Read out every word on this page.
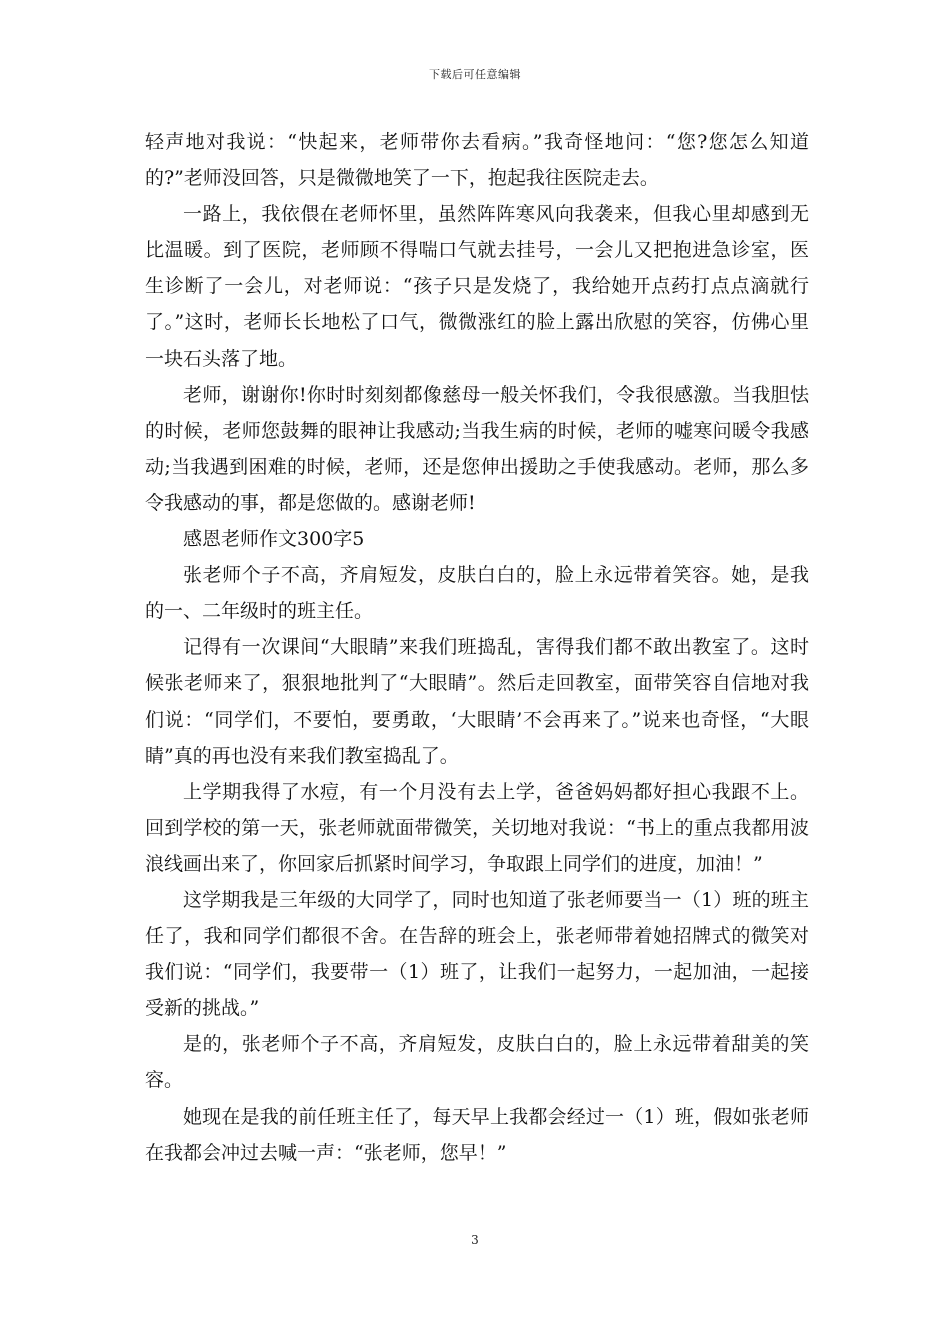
下载后可任意编辑

轻声地对我说：“快起来，老师带你去看病。”我奇怪地问：“您?您怎么知道的?”老师没回答，只是微微地笑了一下，抱起我往医院走去。

一路上，我依偎在老师怀里，虽然阵阵寒风向我袭来，但我心里却感到无比温暖。到了医院，老师顾不得喘口气就去挂号，一会儿又把抱进急诊室，医生诊断了一会儿，对老师说：“孩子只是发烧了，我给她开点药打点点滴就行了。”这时，老师长长地松了口气，微微涨红的脸上露出欣慰的笑容，仿佛心里一块石头落了地。

老师，谢谢你!你时时刻刻都像慈母一般关怀我们，令我很感激。当我胆怯的时候，老师您鼓舞的眼神让我感动;当我生病的时候，老师的嘘寒问暖令我感动;当我遇到困难的时候，老师，还是您伸出援助之手使我感动。老师，那么多令我感动的事，都是您做的。感谢老师!

感恩老师作文300字5

张老师个子不高，齐肩短发，皮肤白白的，脸上永远带着笑容。她，是我的一、二年级时的班主任。

记得有一次课间“大眼睛”来我们班捣乱，害得我们都不敢出教室了。这时候张老师来了，狠狠地批判了“大眼睛”。然后走回教室，面带笑容自信地对我们说：“同学们，不要怕，要勇敢，‘大眼睛’不会再来了。”说来也奇怪，“大眼睛”真的再也没有来我们教室捣乱了。

上学期我得了水痘，有一个月没有去上学，爸爸妈妈都好担心我跟不上。回到学校的第一天，张老师就面带微笑，关切地对我说：“书上的重点我都用波浪线画出来了，你回家后抓紧时间学习，争取跟上同学们的进度，加油！”

这学期我是三年级的大同学了，同时也知道了张老师要当一（1）班的班主任了，我和同学们都很不舍。在告辞的班会上，张老师带着她招牌式的微笑对我们说：“同学们，我要带一（1）班了，让我们一起努力，一起加油，一起接受新的挑战。”

是的，张老师个子不高，齐肩短发，皮肤白白的，脸上永远带着甜美的笑容。

她现在是我的前任班主任了，每天早上我都会经过一（1）班，假如张老师在我都会冲过去喊一声：“张老师，您早！”

3
